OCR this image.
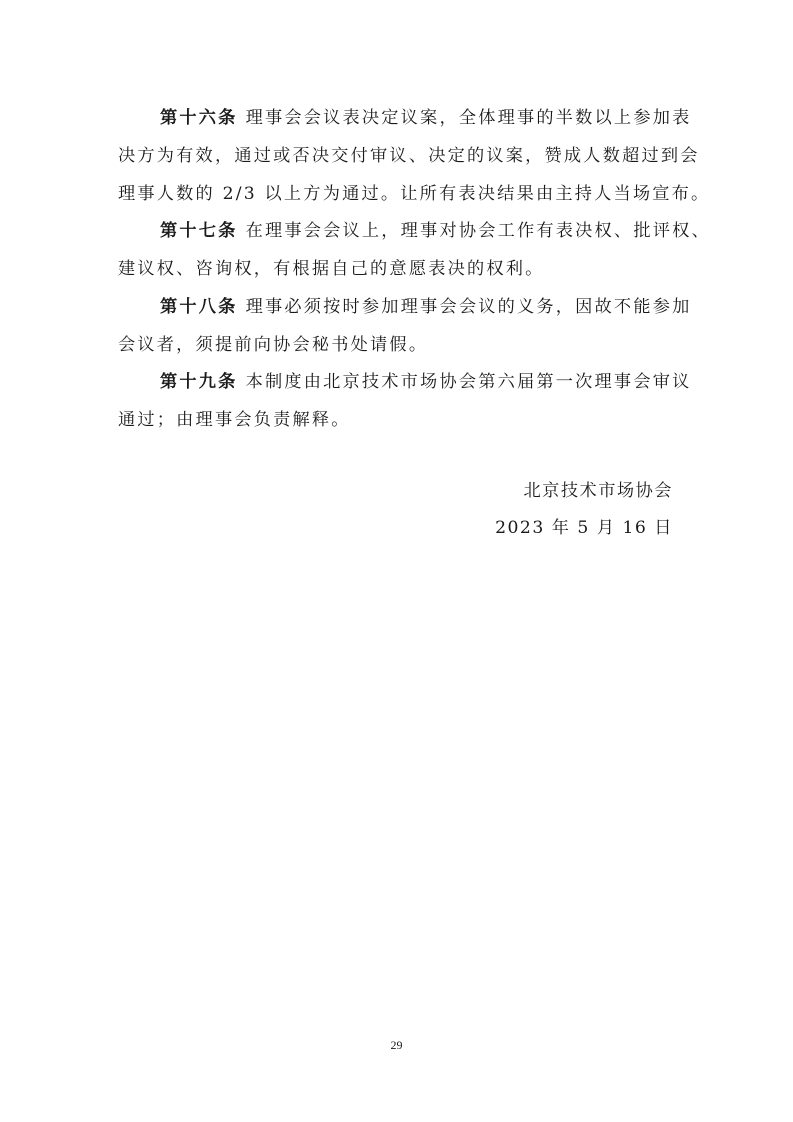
第十六条 理事会会议表决定议案，全体理事的半数以上参加表
决方为有效，通过或否决交付审议、决定的议案，赞成人数超过到会
理事人数的 2/3 以上方为通过。让所有表决结果由主持人当场宣布。
第十七条 在理事会会议上，理事对协会工作有表决权、批评权、
建议权、咨询权，有根据自己的意愿表决的权利。
第十八条 理事必须按时参加理事会会议的义务，因故不能参加
会议者，须提前向协会秘书处请假。
第十九条 本制度由北京技术市场协会第六届第一次理事会审议
通过；由理事会负责解释。
北京技术市场协会
2023 年 5 月 16 日
29
